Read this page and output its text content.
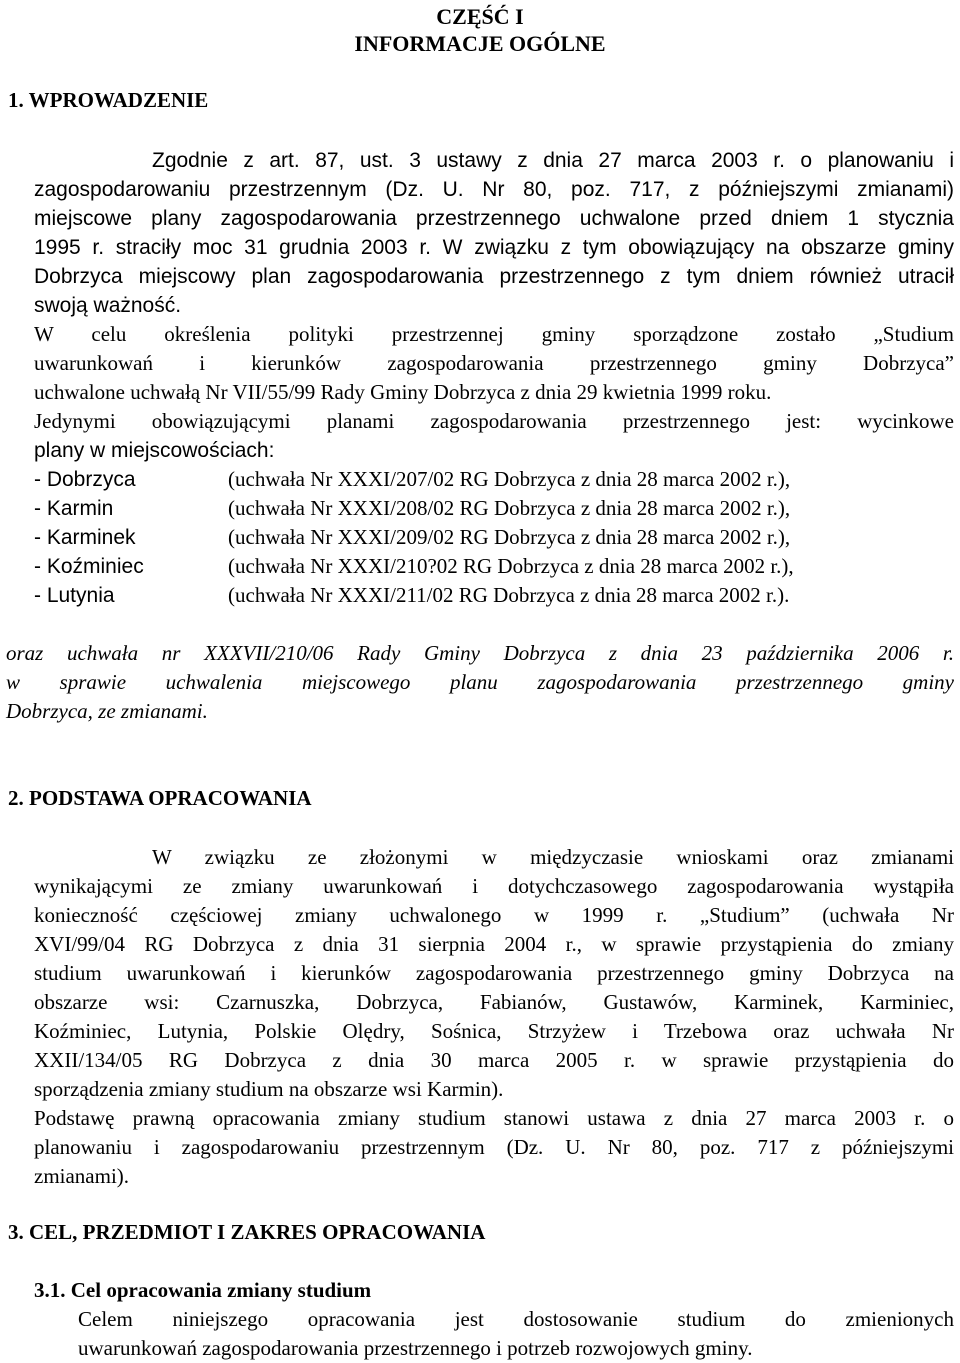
CZĘŚĆ I
INFORMACJE OGÓLNE
1. WPROWADZENIE
Zgodnie z art. 87, ust. 3 ustawy z dnia 27 marca 2003 r. o planowaniu i
zagospodarowaniu przestrzennym (Dz. U. Nr 80, poz. 717, z późniejszymi zmianami)
miejscowe plany zagospodarowania przestrzennego uchwalone przed dniem 1 stycznia
1995 r. straciły moc 31 grudnia 2003 r. W związku z tym obowiązujący na obszarze gminy
Dobrzyca miejscowy plan zagospodarowania przestrzennego z tym dniem również utracił
swoją ważność.
W celu określenia polityki przestrzennej gminy sporządzone zostało „Studium
uwarunkowań i kierunków zagospodarowania przestrzennego gminy Dobrzyca”
uchwalone uchwałą Nr VII/55/99 Rady Gminy Dobrzyca z dnia 29 kwietnia 1999 roku.
Jedynymi obowiązującymi planami zagospodarowania przestrzennego jest: wycinkowe
plany w miejscowościach:
- Dobrzyca	(uchwała Nr XXXI/207/02 RG Dobrzyca z dnia 28 marca 2002 r.),
- Karmin	(uchwała Nr XXXI/208/02 RG Dobrzyca z dnia 28 marca 2002 r.),
- Karminek	(uchwała Nr XXXI/209/02 RG Dobrzyca z dnia 28 marca 2002 r.),
- Koźminiec	(uchwała Nr XXXI/210?02 RG Dobrzyca z dnia 28 marca 2002 r.),
- Lutynia	(uchwała Nr XXXI/211/02 RG Dobrzyca z dnia 28 marca 2002 r.).
oraz uchwała nr XXXVII/210/06 Rady Gminy Dobrzyca z dnia 23 października 2006 r.
w sprawie uchwalenia miejscowego planu zagospodarowania przestrzennego gminy
Dobrzyca, ze zmianami.
2. PODSTAWA OPRACOWANIA
W związku ze złożonymi w międzyczasie wnioskami oraz zmianami
wynikającymi ze zmiany uwarunkowań i dotychczasowego zagospodarowania wystąpiła
konieczność częściowej zmiany uchwalonego w 1999 r. „Studium” (uchwała Nr
XVI/99/04 RG Dobrzyca z dnia 31 sierpnia 2004 r., w sprawie przystąpienia do zmiany
studium uwarunkowań i kierunków zagospodarowania przestrzennego gminy Dobrzyca na
obszarze wsi: Czarnuszka, Dobrzyca, Fabianów, Gustawów, Karminek, Karminiec,
Koźminiec, Lutynia, Polskie Olędry, Sośnica, Strzyżew i Trzebowa oraz uchwała Nr
XXII/134/05 RG Dobrzyca z dnia 30 marca 2005 r. w sprawie przystąpienia do
sporządzenia zmiany studium na obszarze wsi Karmin).
Podstawę prawną opracowania zmiany studium stanowi ustawa z dnia 27 marca 2003 r. o
planowaniu i zagospodarowaniu przestrzennym (Dz. U. Nr 80, poz. 717 z późniejszymi
zmianami).
3. CEL, PRZEDMIOT I ZAKRES OPRACOWANIA
3.1. Cel opracowania zmiany studium
Celem niniejszego opracowania jest dostosowanie studium do zmienionych
uwarunkowań zagospodarowania przestrzennego i potrzeb rozwojowych gminy.
